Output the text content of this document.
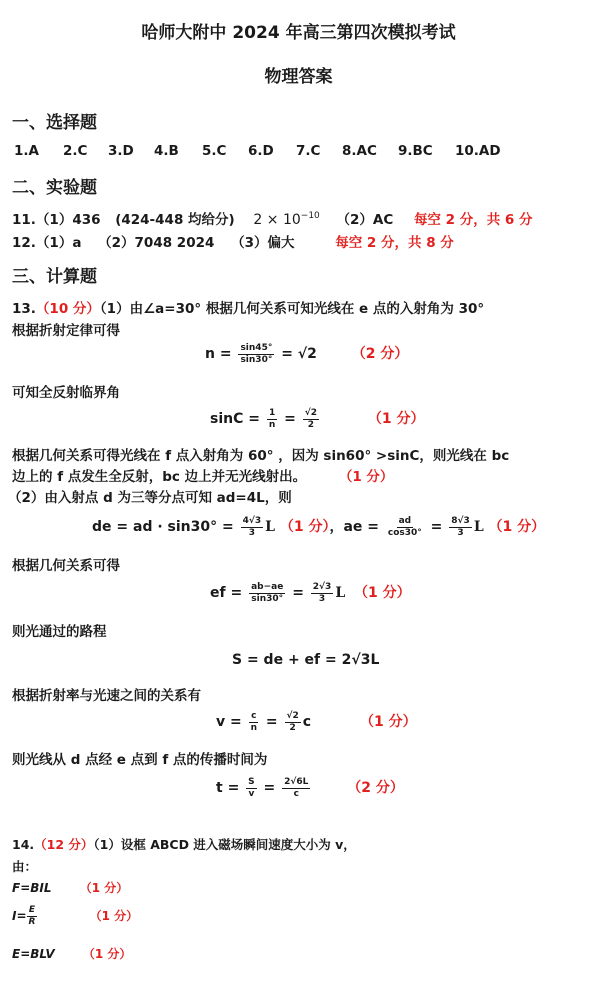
哈师大附中 2024 年高三第四次模拟考试
物理答案
一、选择题
1.A 2.C 3.D 4.B 5.C 6.D 7.C 8.AC 9.BC 10.AD
二、实验题
11.（1）436 (424-448 均给分) $2 \times 10^{-10}$ （2）AC 每空 2 分，共 6 分
12.（1）a （2）7048 2024 （3）偏大	每空 2 分，共 8 分
三、计算题
13.（10 分）（1）由∠a=30° 根据几何关系可知光线在 e 点的入射角为 30°
根据折射定律可得
$n = \frac{\sin 45^\circ}{\sin 30^\circ} = √2$ （2 分）
可知全反射临界角
$\sin C = \frac{1}{n} = \frac{√2}{2}$	（1 分）
根据几何关系可得光线在 f 点入射角为 60° ，因为 sin60° >sinC，则光线在 bc
边上的 f 点发生全反射，bc 边上并无光线射出。 （1 分）
（2）由入射点 d 为三等分点可知 ad=4L，则
de = ad · $\sin 30^\circ = \frac{4√3}{3}$ L （1 分），ae = $\frac{ad}{\cos 30^\circ} = \frac{8√3}{3}$ L （1 分）
根据几何关系可得
ef = $\frac{ab-ae}{\sin 30^\circ} = \frac{2√3}{3}$ L （1 分）
则光通过的路程
S = de + ef = 2√3L
根据折射率与光速之间的关系有
$v = \frac{c}{n} = \frac{√2}{2}$ c	（1 分）
则光线从 d 点经 e 点到 f 点的传播时间为
$t = \frac{S}{v} = \frac{2√6L}{c}$	（2 分）
14.（12 分）（1）设框 ABCD 进入磁场瞬间速度大小为 v，
由：
F=BIL （1 分）
$I= \frac{E}{R}$	（1 分）
E=BLV （1 分）
